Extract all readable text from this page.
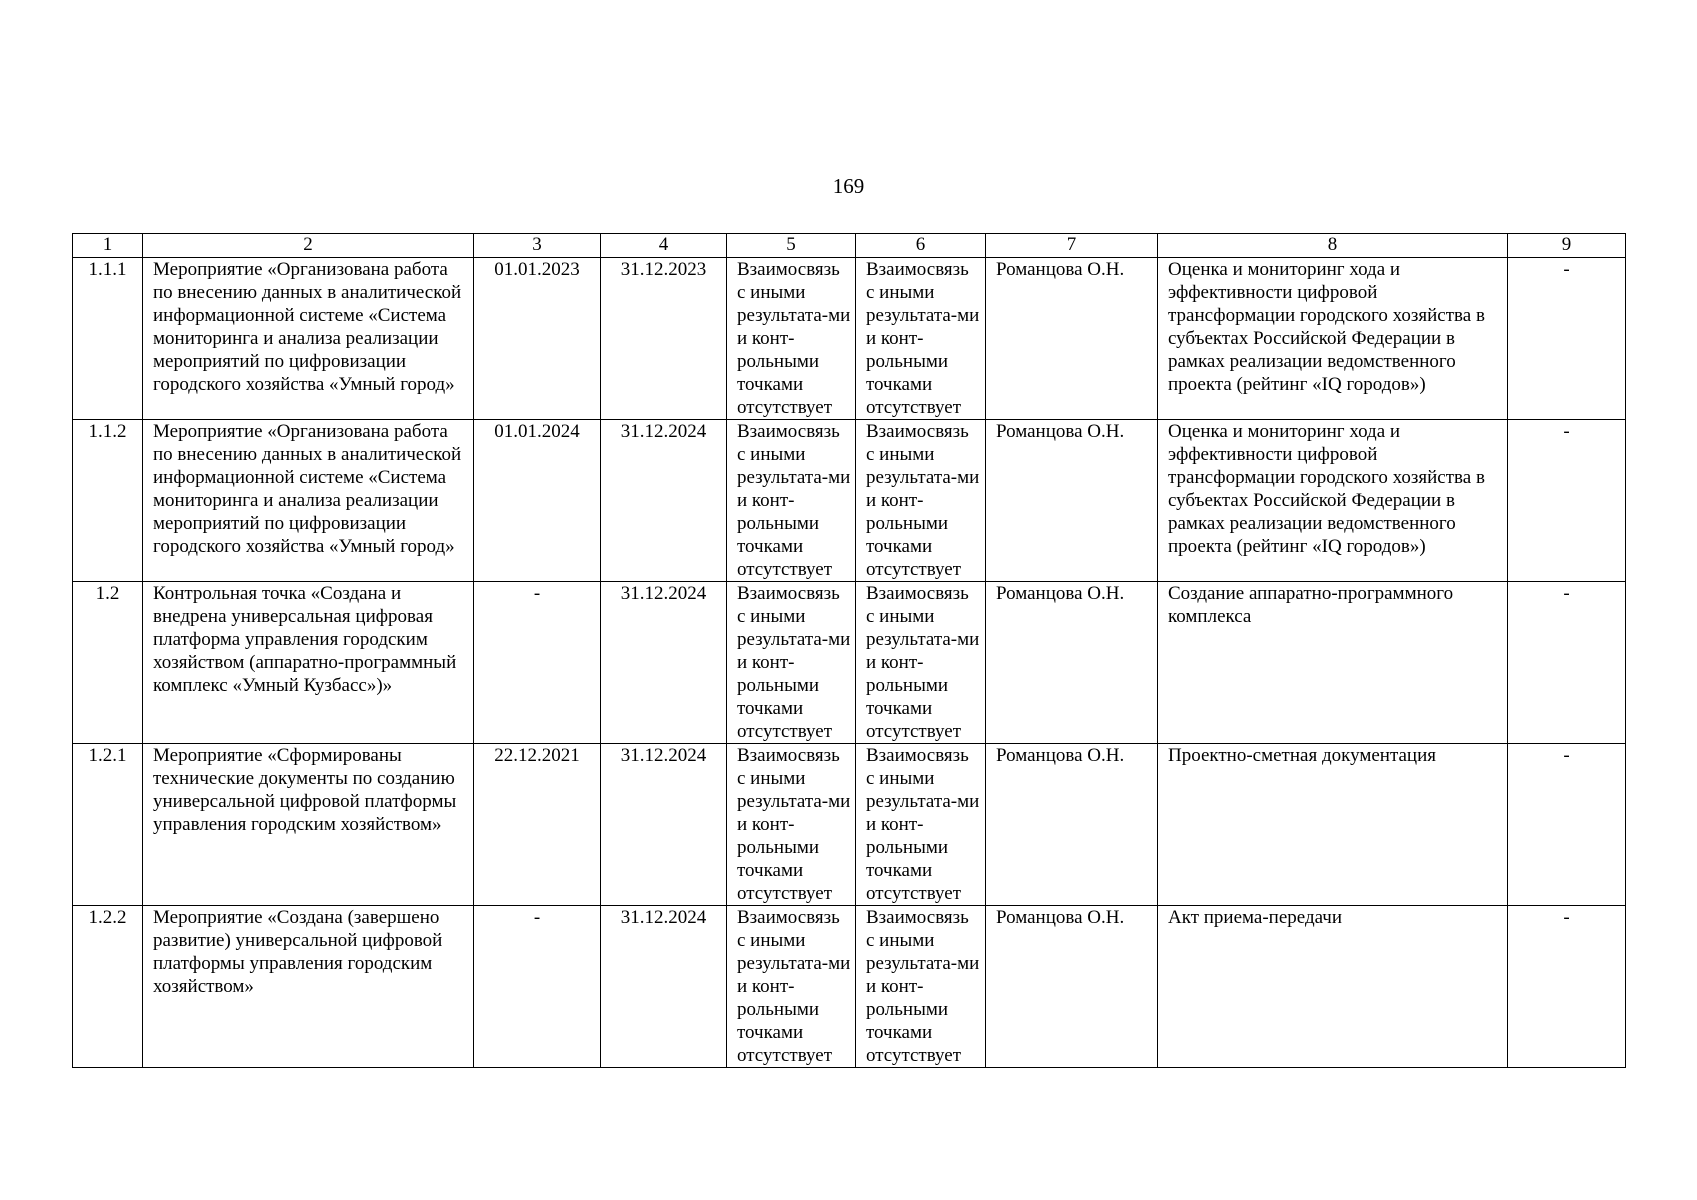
169
1	2	3	4	5	6	7	8	9
1.1.1	Мероприятие «Организована работа по внесению данных в аналитической информационной системе «Система мониторинга и анализа реализации мероприятий по цифровизации городского хозяйства «Умный город»	01.01.2023	31.12.2023	Взаимосвязь с иными результата-ми и конт-рольными точками отсутствует	Взаимосвязь с иными результата-ми и конт-рольными точками отсутствует	Романцова О.Н.	Оценка и мониторинг хода и эффективности цифровой трансформации городского хозяйства в субъектах Российской Федерации в рамках реализации ведомственного проекта (рейтинг «IQ городов»)	-
1.1.2	Мероприятие «Организована работа по внесению данных в аналитической информационной системе «Система мониторинга и анализа реализации мероприятий по цифровизации городского хозяйства «Умный город»	01.01.2024	31.12.2024	Взаимосвязь с иными результата-ми и конт-рольными точками отсутствует	Взаимосвязь с иными результата-ми и конт-рольными точками отсутствует	Романцова О.Н.	Оценка и мониторинг хода и эффективности цифровой трансформации городского хозяйства в субъектах Российской Федерации в рамках реализации ведомственного проекта (рейтинг «IQ городов»)	-
1.2	Контрольная точка «Создана и внедрена универсальная цифровая платформа управления городским хозяйством (аппаратно-программный комплекс «Умный Кузбасс»)»	-	31.12.2024	Взаимосвязь с иными результата-ми и конт-рольными точками отсутствует	Взаимосвязь с иными результата-ми и конт-рольными точками отсутствует	Романцова О.Н.	Создание аппаратно-программного комплекса	-
1.2.1	Мероприятие «Сформированы технические документы по созданию универсальной цифровой платформы управления городским хозяйством»	22.12.2021	31.12.2024	Взаимосвязь с иными результата-ми и конт-рольными точками отсутствует	Взаимосвязь с иными результата-ми и конт-рольными точками отсутствует	Романцова О.Н.	Проектно-сметная документация	-
1.2.2	Мероприятие «Создана (завершено развитие) универсальной цифровой платформы управления городским хозяйством»	-	31.12.2024	Взаимосвязь с иными результата-ми и конт-рольными точками отсутствует	Взаимосвязь с иными результата-ми и конт-рольными точками отсутствует	Романцова О.Н.	Акт приема-передачи	-
